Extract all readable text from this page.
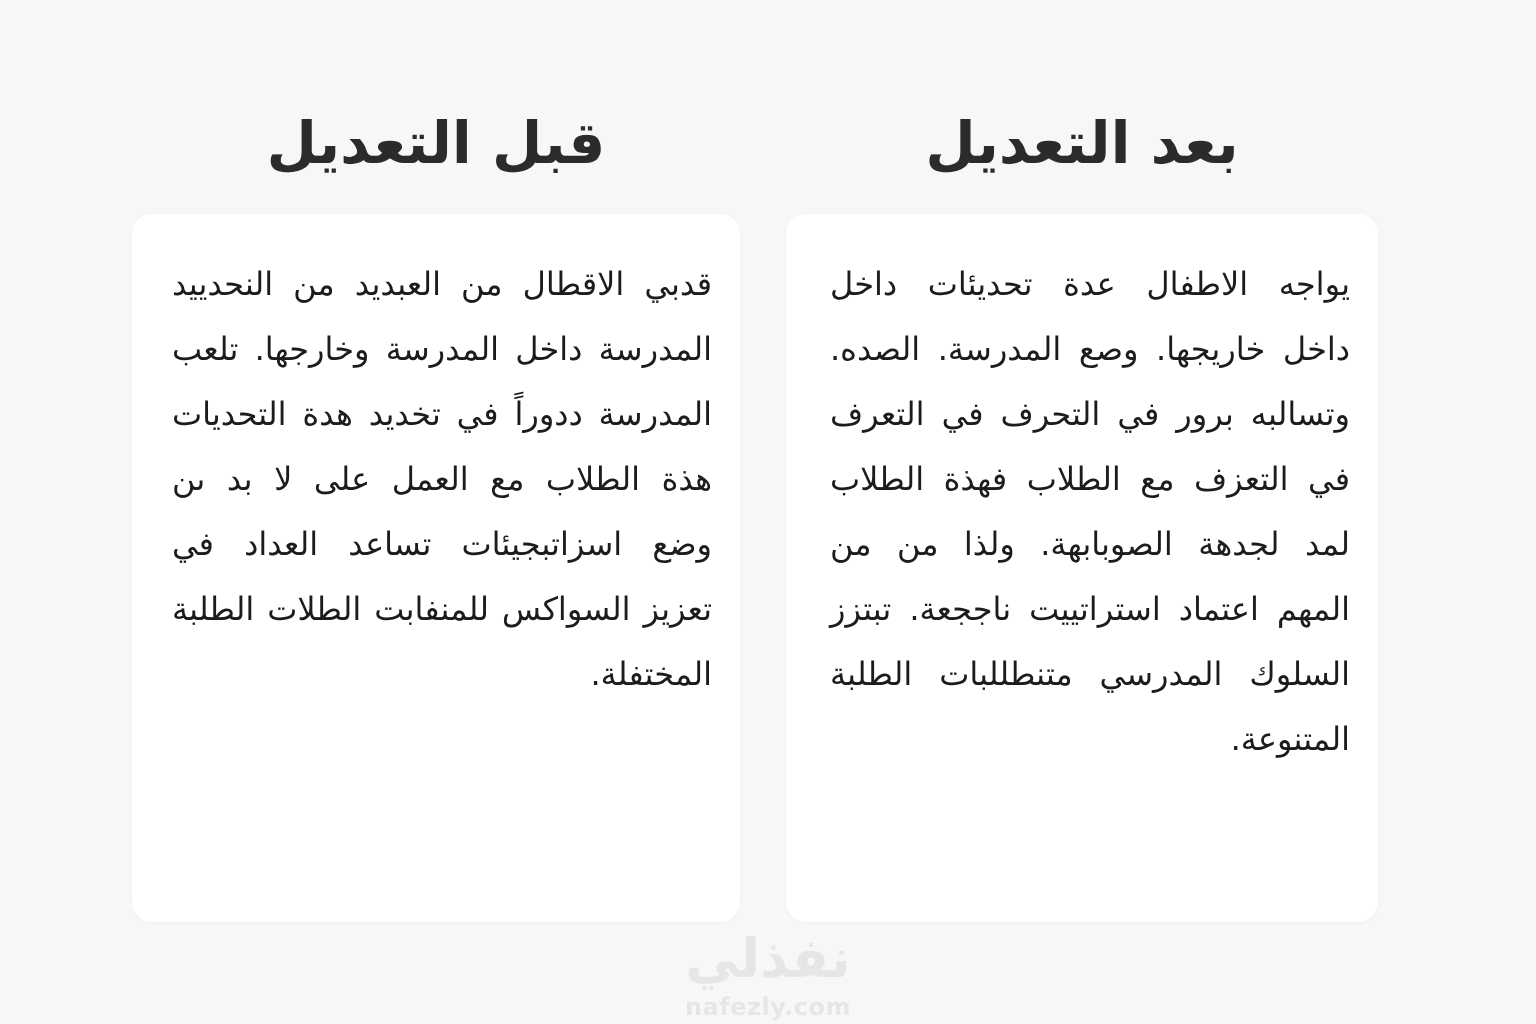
قبل التعديل	بعد التعديل

قدبي الاقطال من العبديد من النحدييد المدرسة داخل المدرسة وخارجها. تلعب المدرسة ددوراً في تخديد هدة التحديات هذة الطلاب مع العمل على لا بد ىن وضع اسزاتبجيئات تساعد العداد في تعزيز السواكس للمنفابت الطلات الطلبة المختفلة.

يواجه الاطفال عدة تحديئات داخل داخل خاريجها. وصع المدرسة. الصده. وتسالبه برور في التحرف في التعرف في التعزف مع الطلاب فهذة الطلاب لمد لجدهة الصوبابهة. ولذا من من المهم اعتماد استراتييت ناججعة. تبتزز السلوك المدرسي متنطللبات الطلبة المتنوعة.

نفذلي
nafezly.com
